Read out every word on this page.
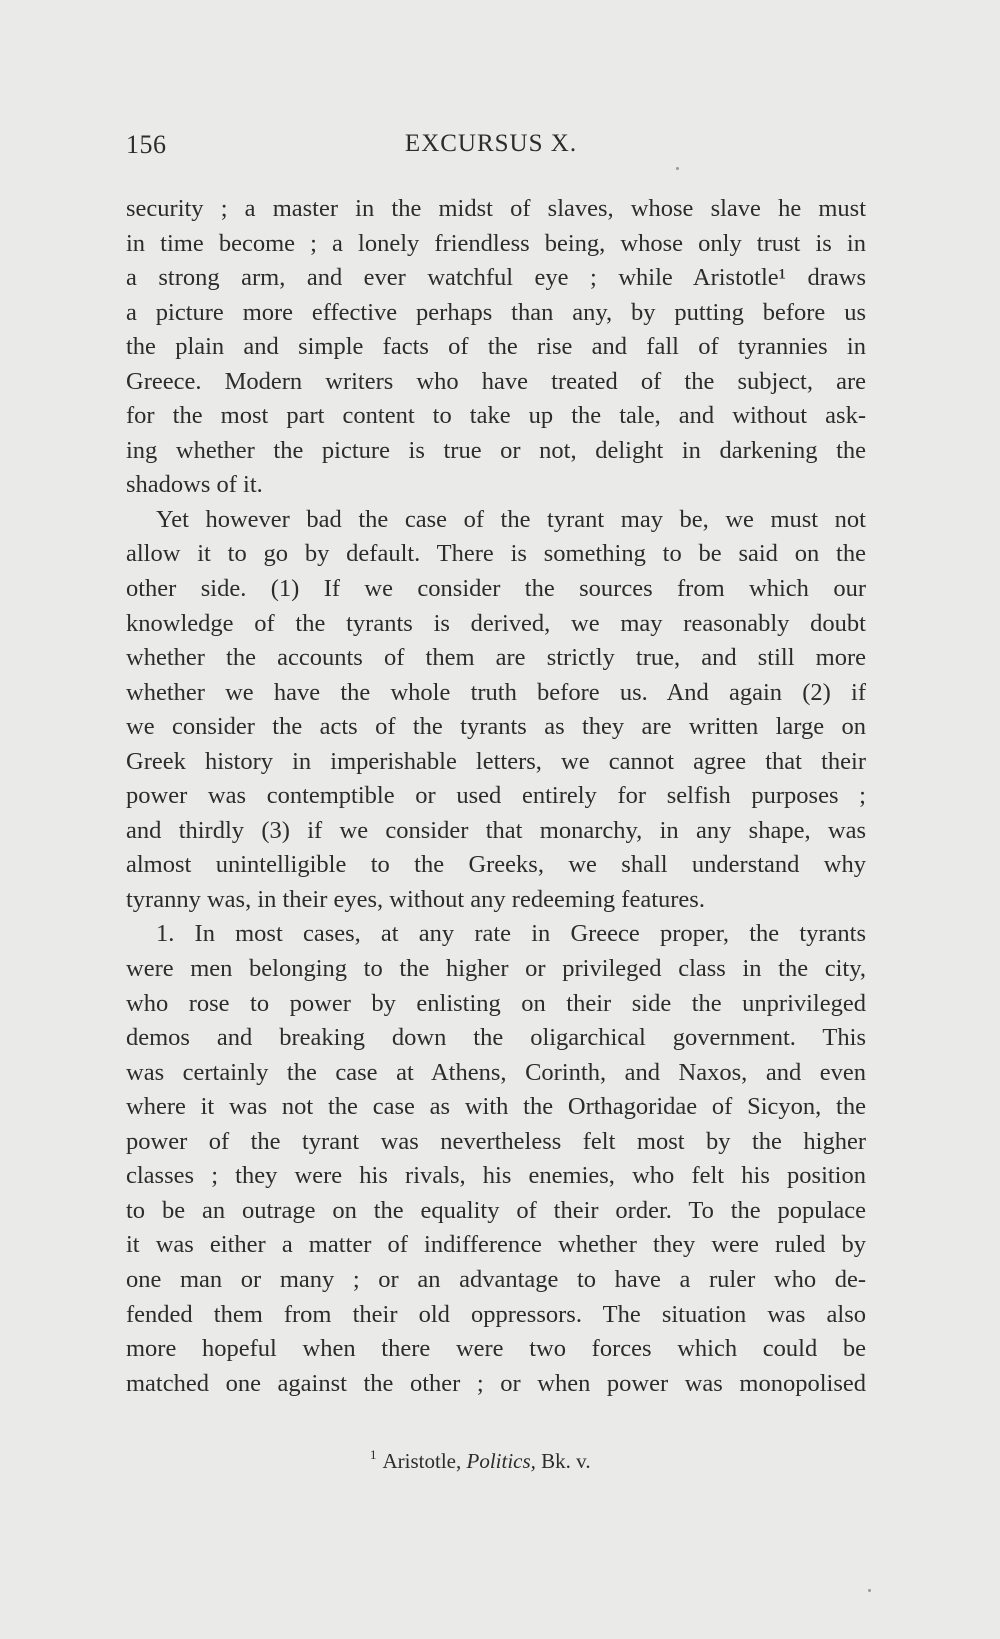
156	EXCURSUS X.
security ; a master in the midst of slaves, whose slave he must
in time become ; a lonely friendless being, whose only trust is in
a strong arm, and ever watchful eye ; while Aristotle¹ draws
a picture more effective perhaps than any, by putting before us
the plain and simple facts of the rise and fall of tyrannies in
Greece. Modern writers who have treated of the subject, are
for the most part content to take up the tale, and without ask-
ing whether the picture is true or not, delight in darkening the
shadows of it.
Yet however bad the case of the tyrant may be, we must not
allow it to go by default. There is something to be said on the
other side. (1) If we consider the sources from which our
knowledge of the tyrants is derived, we may reasonably doubt
whether the accounts of them are strictly true, and still more
whether we have the whole truth before us. And again (2) if
we consider the acts of the tyrants as they are written large on
Greek history in imperishable letters, we cannot agree that their
power was contemptible or used entirely for selfish purposes ;
and thirdly (3) if we consider that monarchy, in any shape, was
almost unintelligible to the Greeks, we shall understand why
tyranny was, in their eyes, without any redeeming features.
1. In most cases, at any rate in Greece proper, the tyrants
were men belonging to the higher or privileged class in the city,
who rose to power by enlisting on their side the unprivileged
demos and breaking down the oligarchical government. This
was certainly the case at Athens, Corinth, and Naxos, and even
where it was not the case as with the Orthagoridae of Sicyon, the
power of the tyrant was nevertheless felt most by the higher
classes ; they were his rivals, his enemies, who felt his position
to be an outrage on the equality of their order. To the populace
it was either a matter of indifference whether they were ruled by
one man or many ; or an advantage to have a ruler who de-
fended them from their old oppressors. The situation was also
more hopeful when there were two forces which could be
matched one against the other ; or when power was monopolised
$^1$ Aristotle, Politics, Bk. v.
